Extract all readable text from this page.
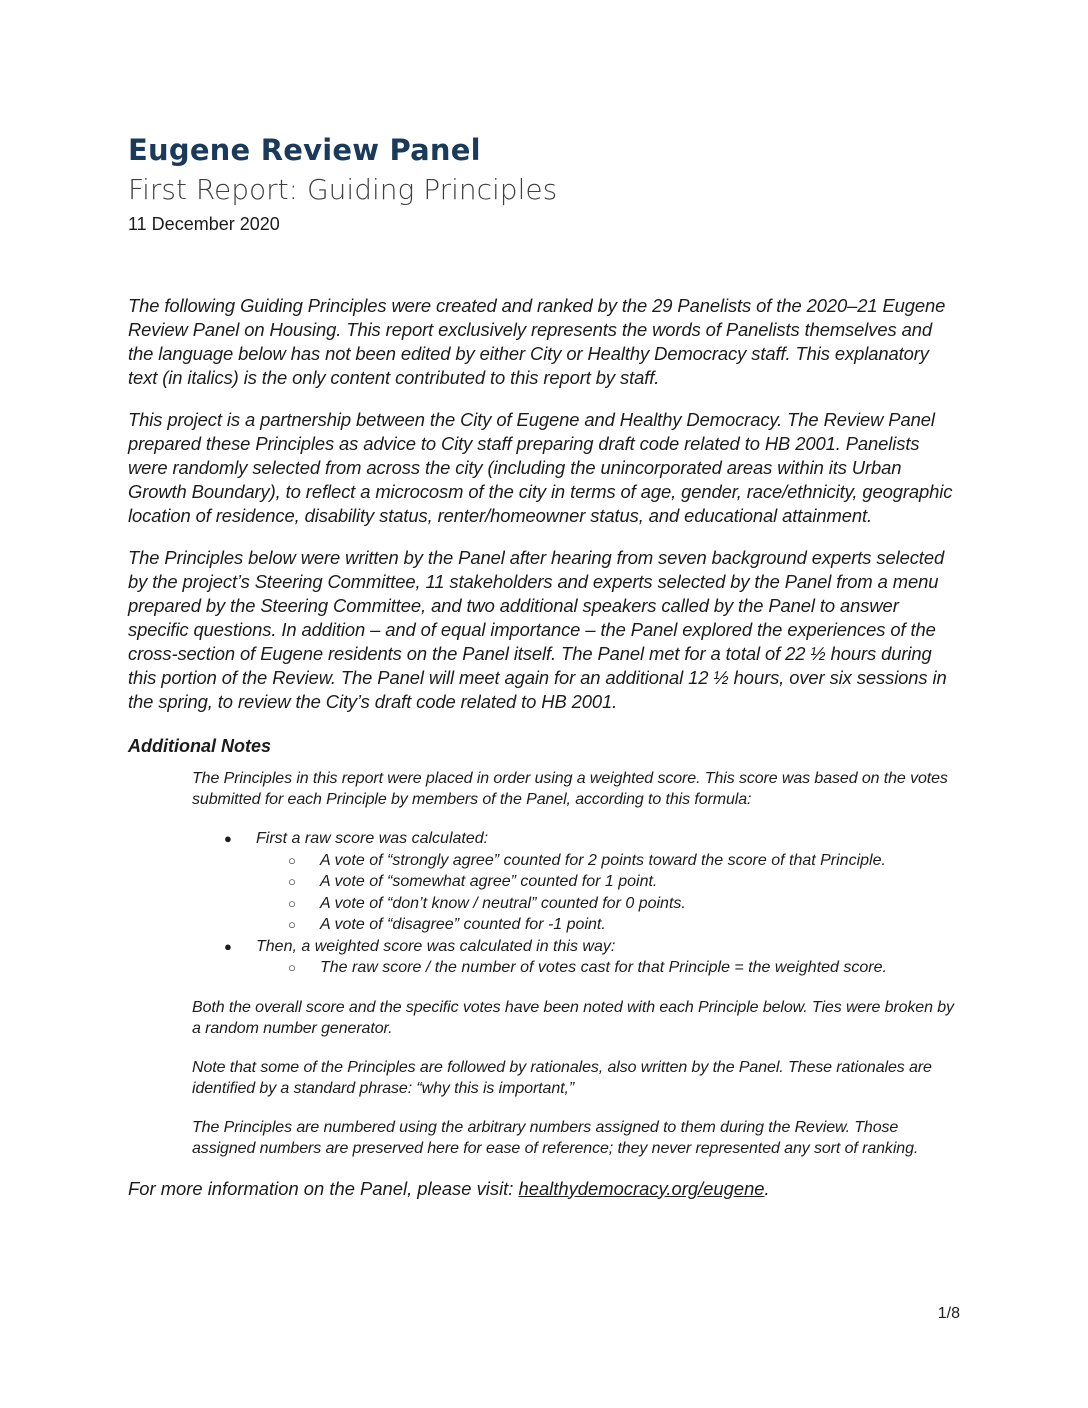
Eugene Review Panel
First Report: Guiding Principles

11 December 2020

The following Guiding Principles were created and ranked by the 29 Panelists of the 2020–21 Eugene Review Panel on Housing. This report exclusively represents the words of Panelists themselves and the language below has not been edited by either City or Healthy Democracy staff. This explanatory text (in italics) is the only content contributed to this report by staff.

This project is a partnership between the City of Eugene and Healthy Democracy. The Review Panel prepared these Principles as advice to City staff preparing draft code related to HB 2001. Panelists were randomly selected from across the city (including the unincorporated areas within its Urban Growth Boundary), to reflect a microcosm of the city in terms of age, gender, race/ethnicity, geographic location of residence, disability status, renter/homeowner status, and educational attainment.

The Principles below were written by the Panel after hearing from seven background experts selected by the project’s Steering Committee, 11 stakeholders and experts selected by the Panel from a menu prepared by the Steering Committee, and two additional speakers called by the Panel to answer specific questions. In addition – and of equal importance – the Panel explored the experiences of the cross-section of Eugene residents on the Panel itself. The Panel met for a total of 22 ½ hours during this portion of the Review. The Panel will meet again for an additional 12 ½ hours, over six sessions in the spring, to review the City’s draft code related to HB 2001.

Additional Notes

The Principles in this report were placed in order using a weighted score. This score was based on the votes submitted for each Principle by members of the Panel, according to this formula:

● First a raw score was calculated:
○ A vote of “strongly agree” counted for 2 points toward the score of that Principle.
○ A vote of “somewhat agree” counted for 1 point.
○ A vote of “don’t know / neutral” counted for 0 points.
○ A vote of “disagree” counted for -1 point.
● Then, a weighted score was calculated in this way:
○ The raw score / the number of votes cast for that Principle = the weighted score.

Both the overall score and the specific votes have been noted with each Principle below. Ties were broken by a random number generator.

Note that some of the Principles are followed by rationales, also written by the Panel. These rationales are identified by a standard phrase: “why this is important,”

The Principles are numbered using the arbitrary numbers assigned to them during the Review. Those assigned numbers are preserved here for ease of reference; they never represented any sort of ranking.

For more information on the Panel, please visit: healthydemocracy.org/eugene.

1/8
